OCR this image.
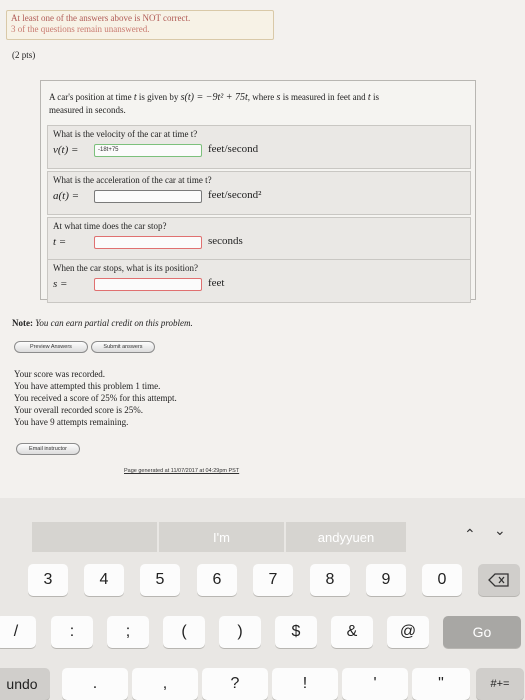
At least one of the answers above is NOT correct.
3 of the questions remain unanswered.
(2 pts)
A car's position at time t is given by s(t) = −9t² + 75t, where s is measured in feet and t is
measured in seconds.
What is the velocity of the car at time t?
v(t) =	-18t+75	feet/second
What is the acceleration of the car at time t?
a(t) =	feet/second²
At what time does the car stop?
t =	seconds
When the car stops, what is its position?
s =	feet
Note: You can earn partial credit on this problem.
Preview Answers	Submit answers
Your score was recorded.
You have attempted this problem 1 time.
You received a score of 25% for this attempt.
Your overall recorded score is 25%.
You have 9 attempts remaining.
Email instructor
Page generated at 11/07/2017 at 04:29pm PST
I'm	andyyuen	⌃ ⌄
3	4	5	6	7	8	9	0
/	:	;	(	)	$	&	@	Go
undo	.	,	?	!	'	"	#+=
